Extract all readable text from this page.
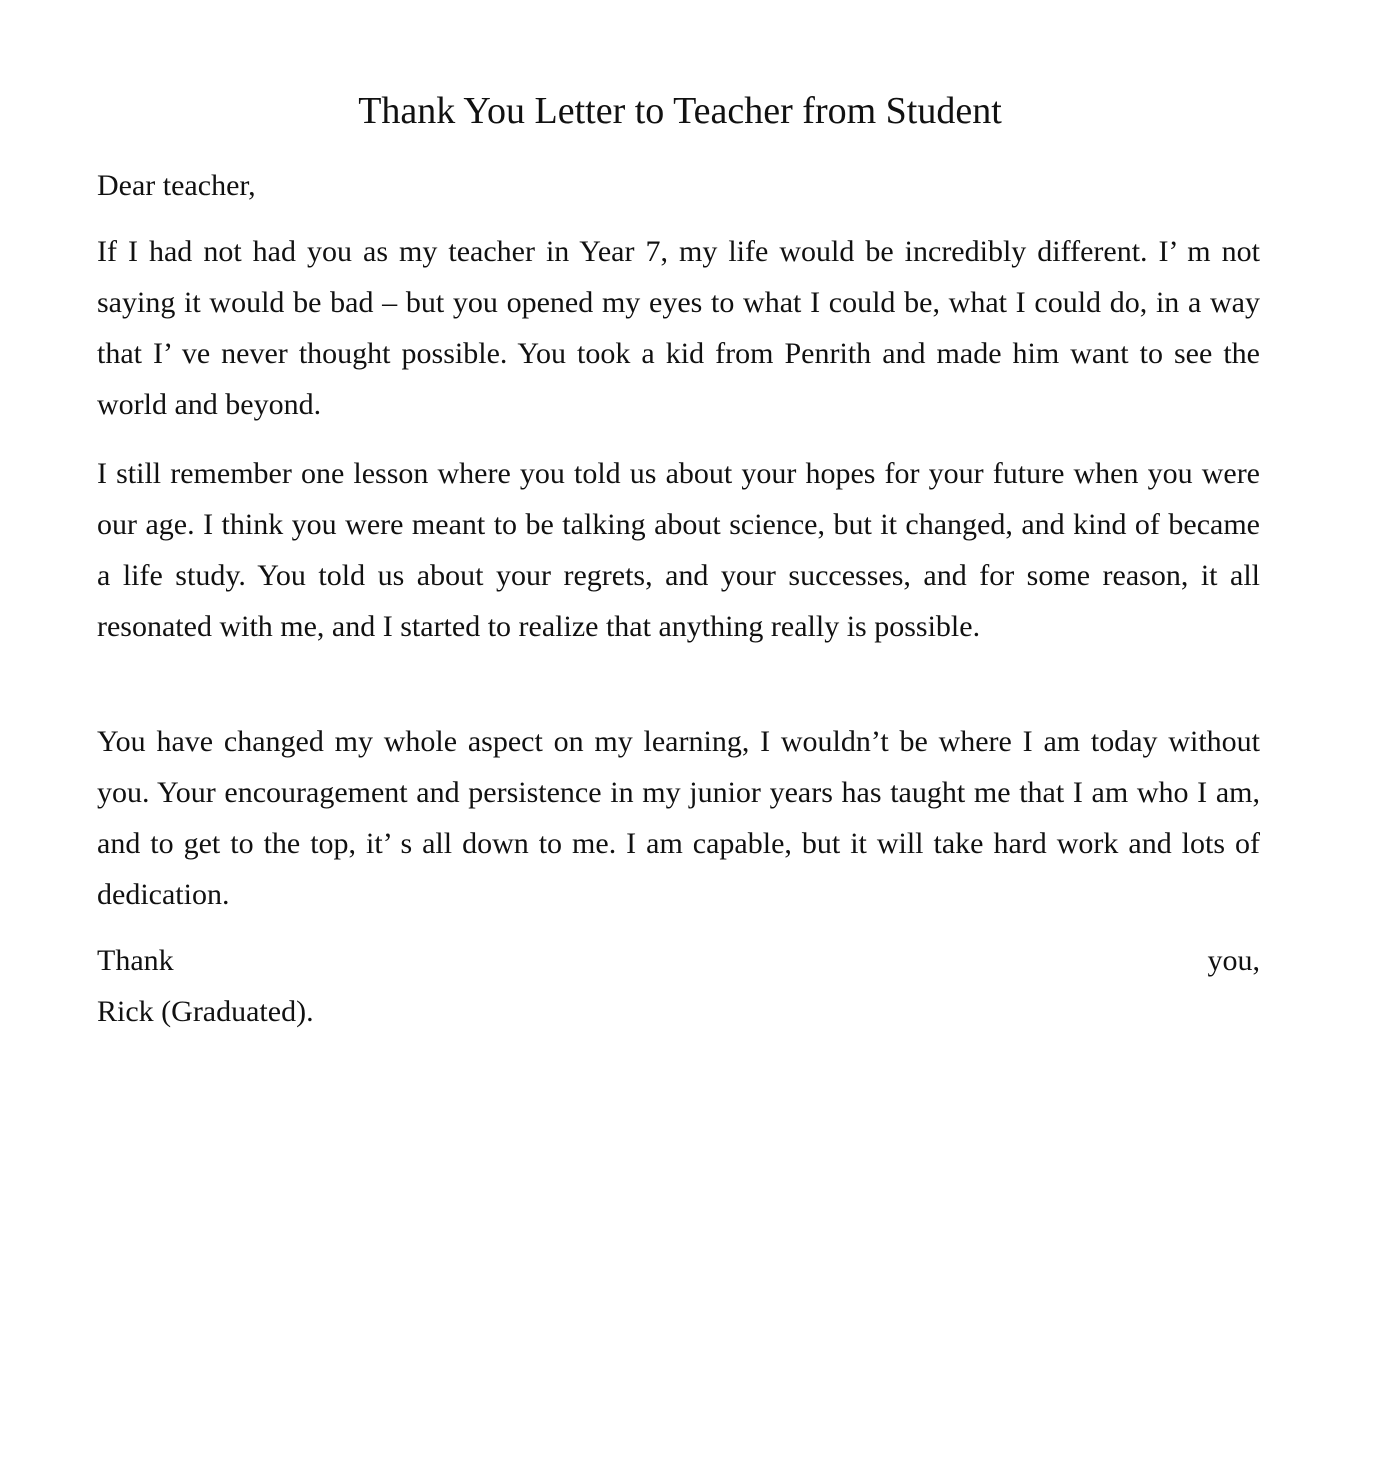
Thank You Letter to Teacher from Student
Dear teacher,

If I had not had you as my teacher in Year 7, my life would be incredibly different. I’ m not saying it would be bad – but you opened my eyes to what I could be, what I could do, in a way that I’ ve never thought possible. You took a kid from Penrith and made him want to see the world and beyond.

I still remember one lesson where you told us about your hopes for your future when you were our age. I think you were meant to be talking about science, but it changed, and kind of became a life study. You told us about your regrets, and your successes, and for some reason, it all resonated with me, and I started to realize that anything really is possible.

You have changed my whole aspect on my learning, I wouldn’t be where I am today without you. Your encouragement and persistence in my junior years has taught me that I am who I am, and to get to the top, it’ s all down to me. I am capable, but it will take hard work and lots of dedication.

Thank	you,
Rick (Graduated).
